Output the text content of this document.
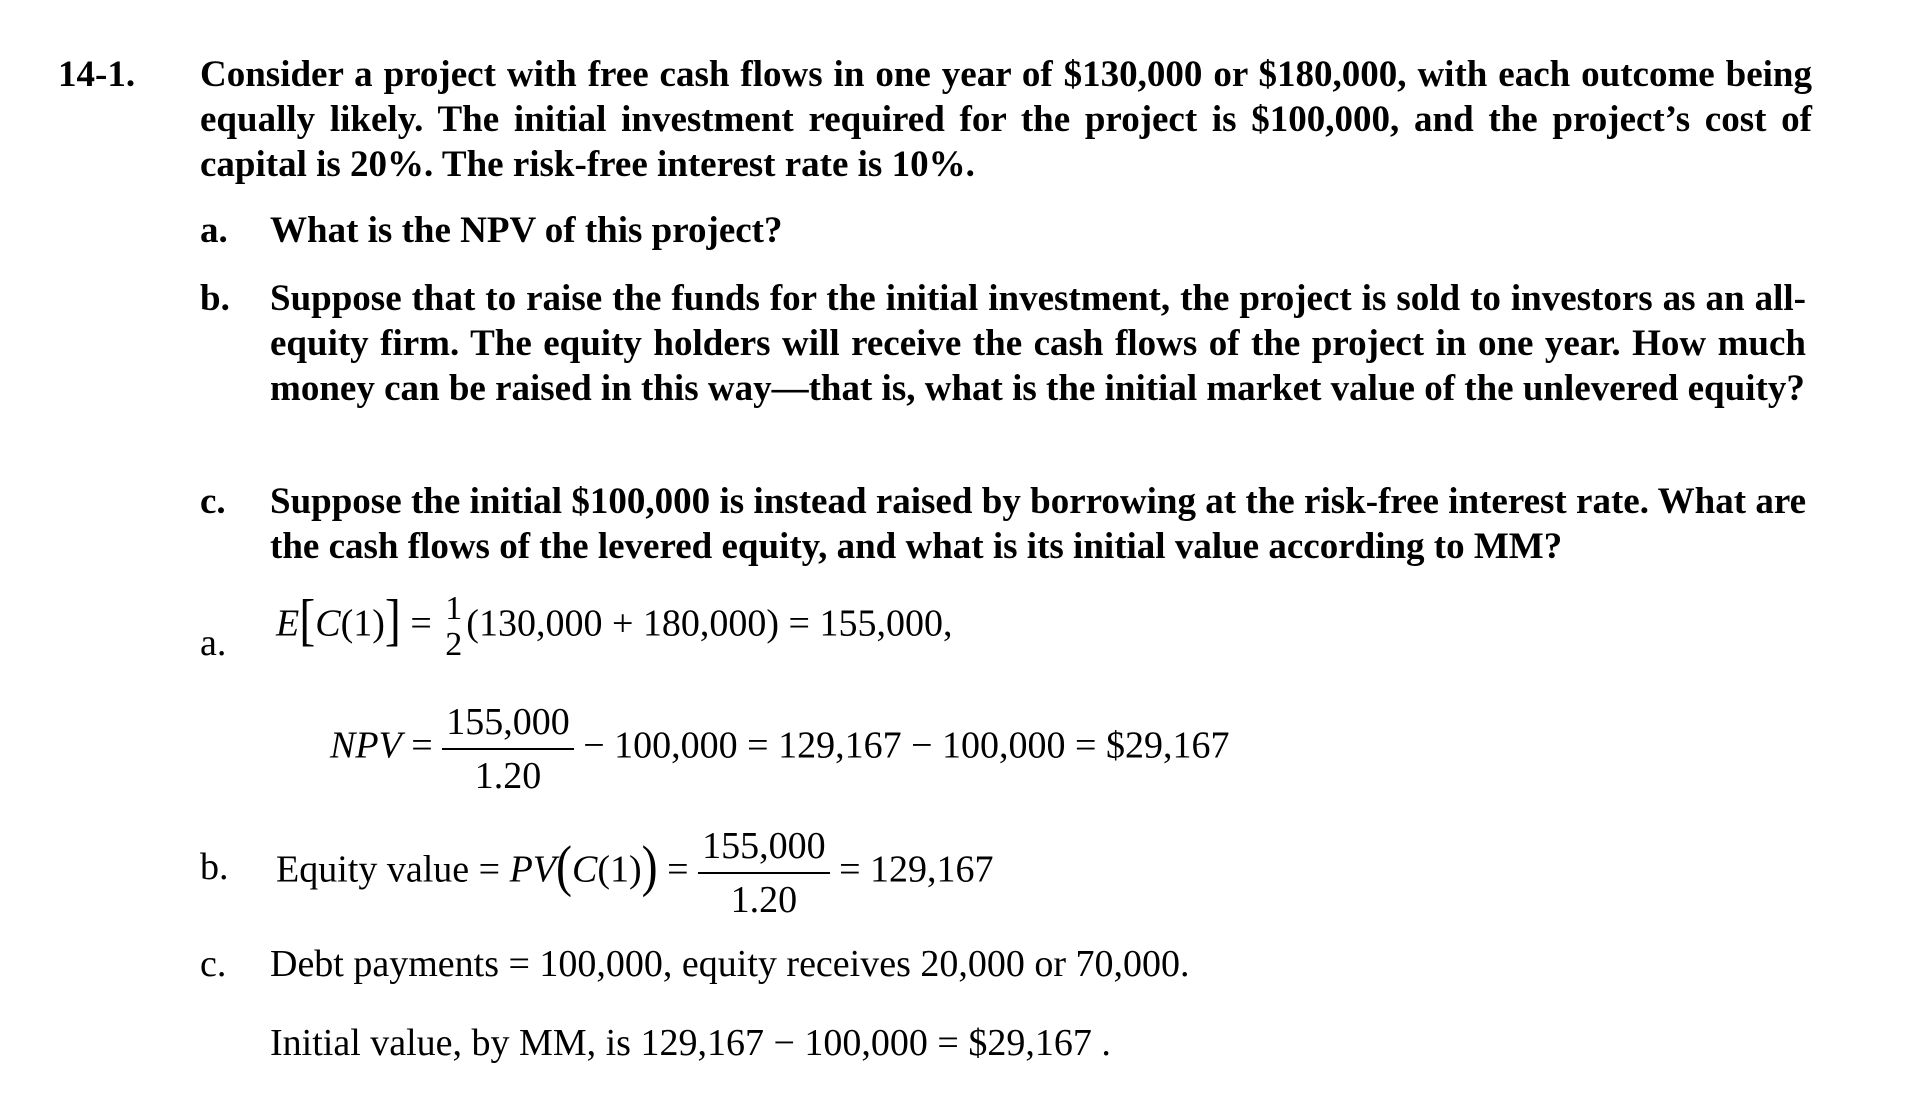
14-1. Consider a project with free cash flows in one year of $130,000 or $180,000, with each outcome being equally likely. The initial investment required for the project is $100,000, and the project’s cost of capital is 20%. The risk-free interest rate is 10%.
a. What is the NPV of this project?
b. Suppose that to raise the funds for the initial investment, the project is sold to investors as an all-equity firm. The equity holders will receive the cash flows of the project in one year. How much money can be raised in this way—that is, what is the initial market value of the unlevered equity?
c. Suppose the initial $100,000 is instead raised by borrowing at the risk-free interest rate. What are the cash flows of the levered equity, and what is its initial value according to MM?
a. E[C(1)] = 1
2 (130,000 + 180,000) = 155,000,
NPV = $\frac{155,000}{1.20} - 100,000 = 129,167 - 100,000$ = $29,167
b. Equity value = $PV(C(1)) = \frac{155,000}{1.20} = 129,167$
c. Debt payments = 100,000, equity receives 20,000 or 70,000.
Initial value, by MM, is 129,167 − 100,000 = $29,167 .
